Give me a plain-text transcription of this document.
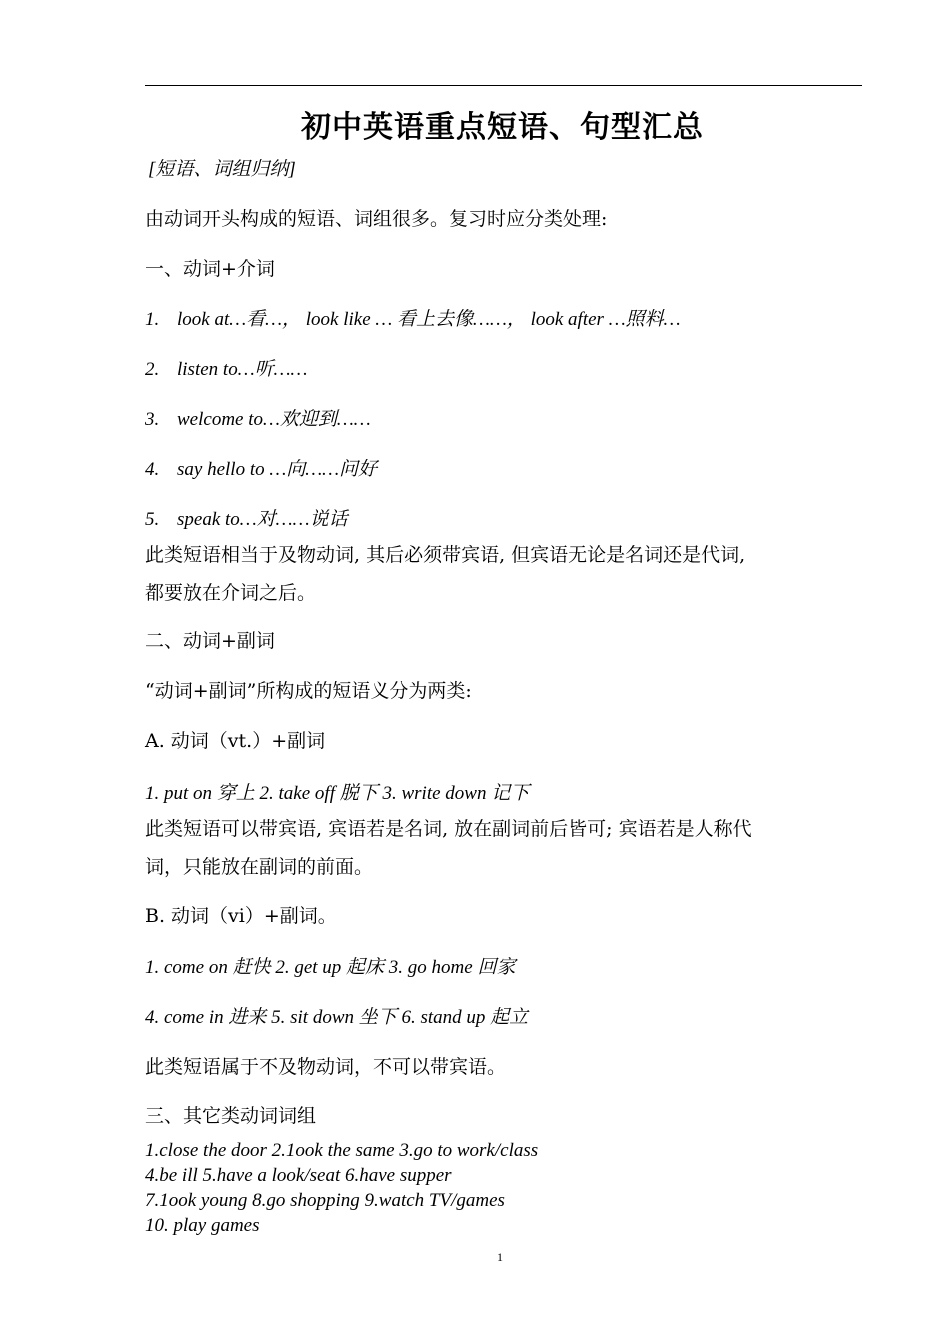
初中英语重点短语、句型汇总
[短语、词组归纳]
由动词开头构成的短语、词组很多。复习时应分类处理:
一、动词+介词
1. look at…看…， look like … 看上去像……， look after …照料…
2. listen to…听……
3. welcome to…欢迎到……
4. say hello to …向……问好
5. speak to…对……说话
此类短语相当于及物动词, 其后必须带宾语, 但宾语无论是名词还是代词,
都要放在介词之后。
二、动词+副词
“动词+副词”所构成的短语义分为两类:
A. 动词（vt.）+副词
1. put on 穿上 2. take off 脱下 3. write down 记下
此类短语可以带宾语, 宾语若是名词, 放在副词前后皆可; 宾语若是人称代
词，只能放在副词的前面。
B. 动词（vi）+副词。
1. come on 赶快 2. get up 起床 3. go home 回家
4. come in 进来 5. sit down 坐下 6. stand up 起立
此类短语属于不及物动词，不可以带宾语。
三、其它类动词词组
1.close the door 2.1ook the same 3.go to work/class
4.be ill 5.have a look/seat 6.have supper
7.1ook young 8.go shopping 9.watch TV/games
10. play games
1
